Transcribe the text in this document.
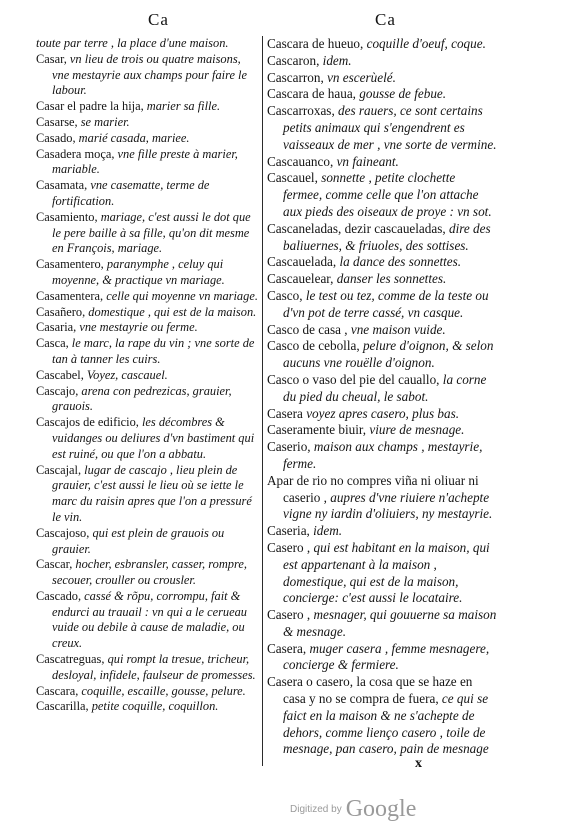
Ca	Ca

toute par terre , la place d'une maison.

Casar, vn lieu de trois ou quatre maisons, vne mestayrie aux champs pour faire le labour.

Casar el padre la hija, marier sa fille.

Casarse, se marier.

Casado, marié casada, mariee.

Casadera moça, vne fille preste à marier, mariable.

Casamata, vne casematte, terme de fortification.

Casamiento, mariage, c'est aussi le dot que le pere baille à sa fille, qu'on dit mesme en François, mariage.

Casamentero, paranymphe , celuy qui moyenne, & practique vn mariage.

Casamentera, celle qui moyenne vn mariage.

Casañero, domestique , qui est de la maison.

Casaria, vne mestayrie ou ferme.

Casca, le marc, la rape du vin ; vne sorte de tan à tanner les cuirs.

Cascabel, Voyez, cascauel.

Cascajo, arena con pedrezicas, grauier, grauois.

Cascajos de edificio, les décombres & vuidanges ou deliures d'vn bastiment qui est ruiné, ou que l'on a abbatu.

Cascajal, lugar de cascajo , lieu plein de grauier, c'est aussi le lieu où se iette le marc du raisin apres que l'on a pressuré le vin.

Cascajoso, qui est plein de grauois ou grauier.

Cascar, hocher, esbransler, casser, rompre, secouer, crouller ou crousler.

Cascado, cassé & rõpu, corrompu, fait & endurci au trauail : vn qui a le cerueau vuide ou debile à cause de maladie, ou creux.

Cascatreguas, qui rompt la tresue, tricheur, desloyal, infidele, faulseur de promesses.

Cascara, coquille, escaille, gousse, pelure.

Cascarilla, petite coquille, coquillon.

Cascara de hueuo, coquille d'oeuf, coque.

Cascaron, idem.

Cascarron, vn escerùelé.

Cascara de haua, gousse de febue.

Cascarroxas, des rauers, ce sont certains petits animaux qui s'engendrent es vaisseaux de mer , vne sorte de vermine.

Cascauanco, vn faineant.

Cascauel, sonnette , petite clochette fermee, comme celle que l'on attache aux pieds des oiseaux de proye : vn sot.

Cascaneladas, dezir cascaueladas, dire des baliuernes, & friuoles, des sottises.

Cascauelada, la dance des sonnettes.

Cascauelear, danser les sonnettes.

Casco, le test ou tez, comme de la teste ou d'vn pot de terre cassé, vn casque.

Casco de casa , vne maison vuide.

Casco de cebolla, pelure d'oignon, & selon aucuns vne rouëlle d'oignon.

Casco o vaso del pie del cauallo, la corne du pied du cheual, le sabot.

Casera voyez apres casero, plus bas.

Caseramente biuir, viure de mesnage.

Caserio, maison aux champs , mestayrie, ferme.

Apar de rio no compres viña ni oliuar ni caserio , aupres d'vne riuiere n'achepte vigne ny iardin d'oliuiers, ny mestayrie.

Caseria, idem.

Casero , qui est habitant en la maison, qui est appartenant à la maison , domestique, qui est de la maison, concierge: c'est aussi le locataire.

Casero , mesnager, qui gouuerne sa maison & mesnage.

Casera, muger casera , femme mesnagere, concierge & fermiere.

Casera o casero, la cosa que se haze en casa y no se compra de fuera, ce qui se faict en la maison & ne s'achepte de dehors, comme lienço casero , toile de mesnage, pan casero, pain de mesnage

x
Digitized by Google
